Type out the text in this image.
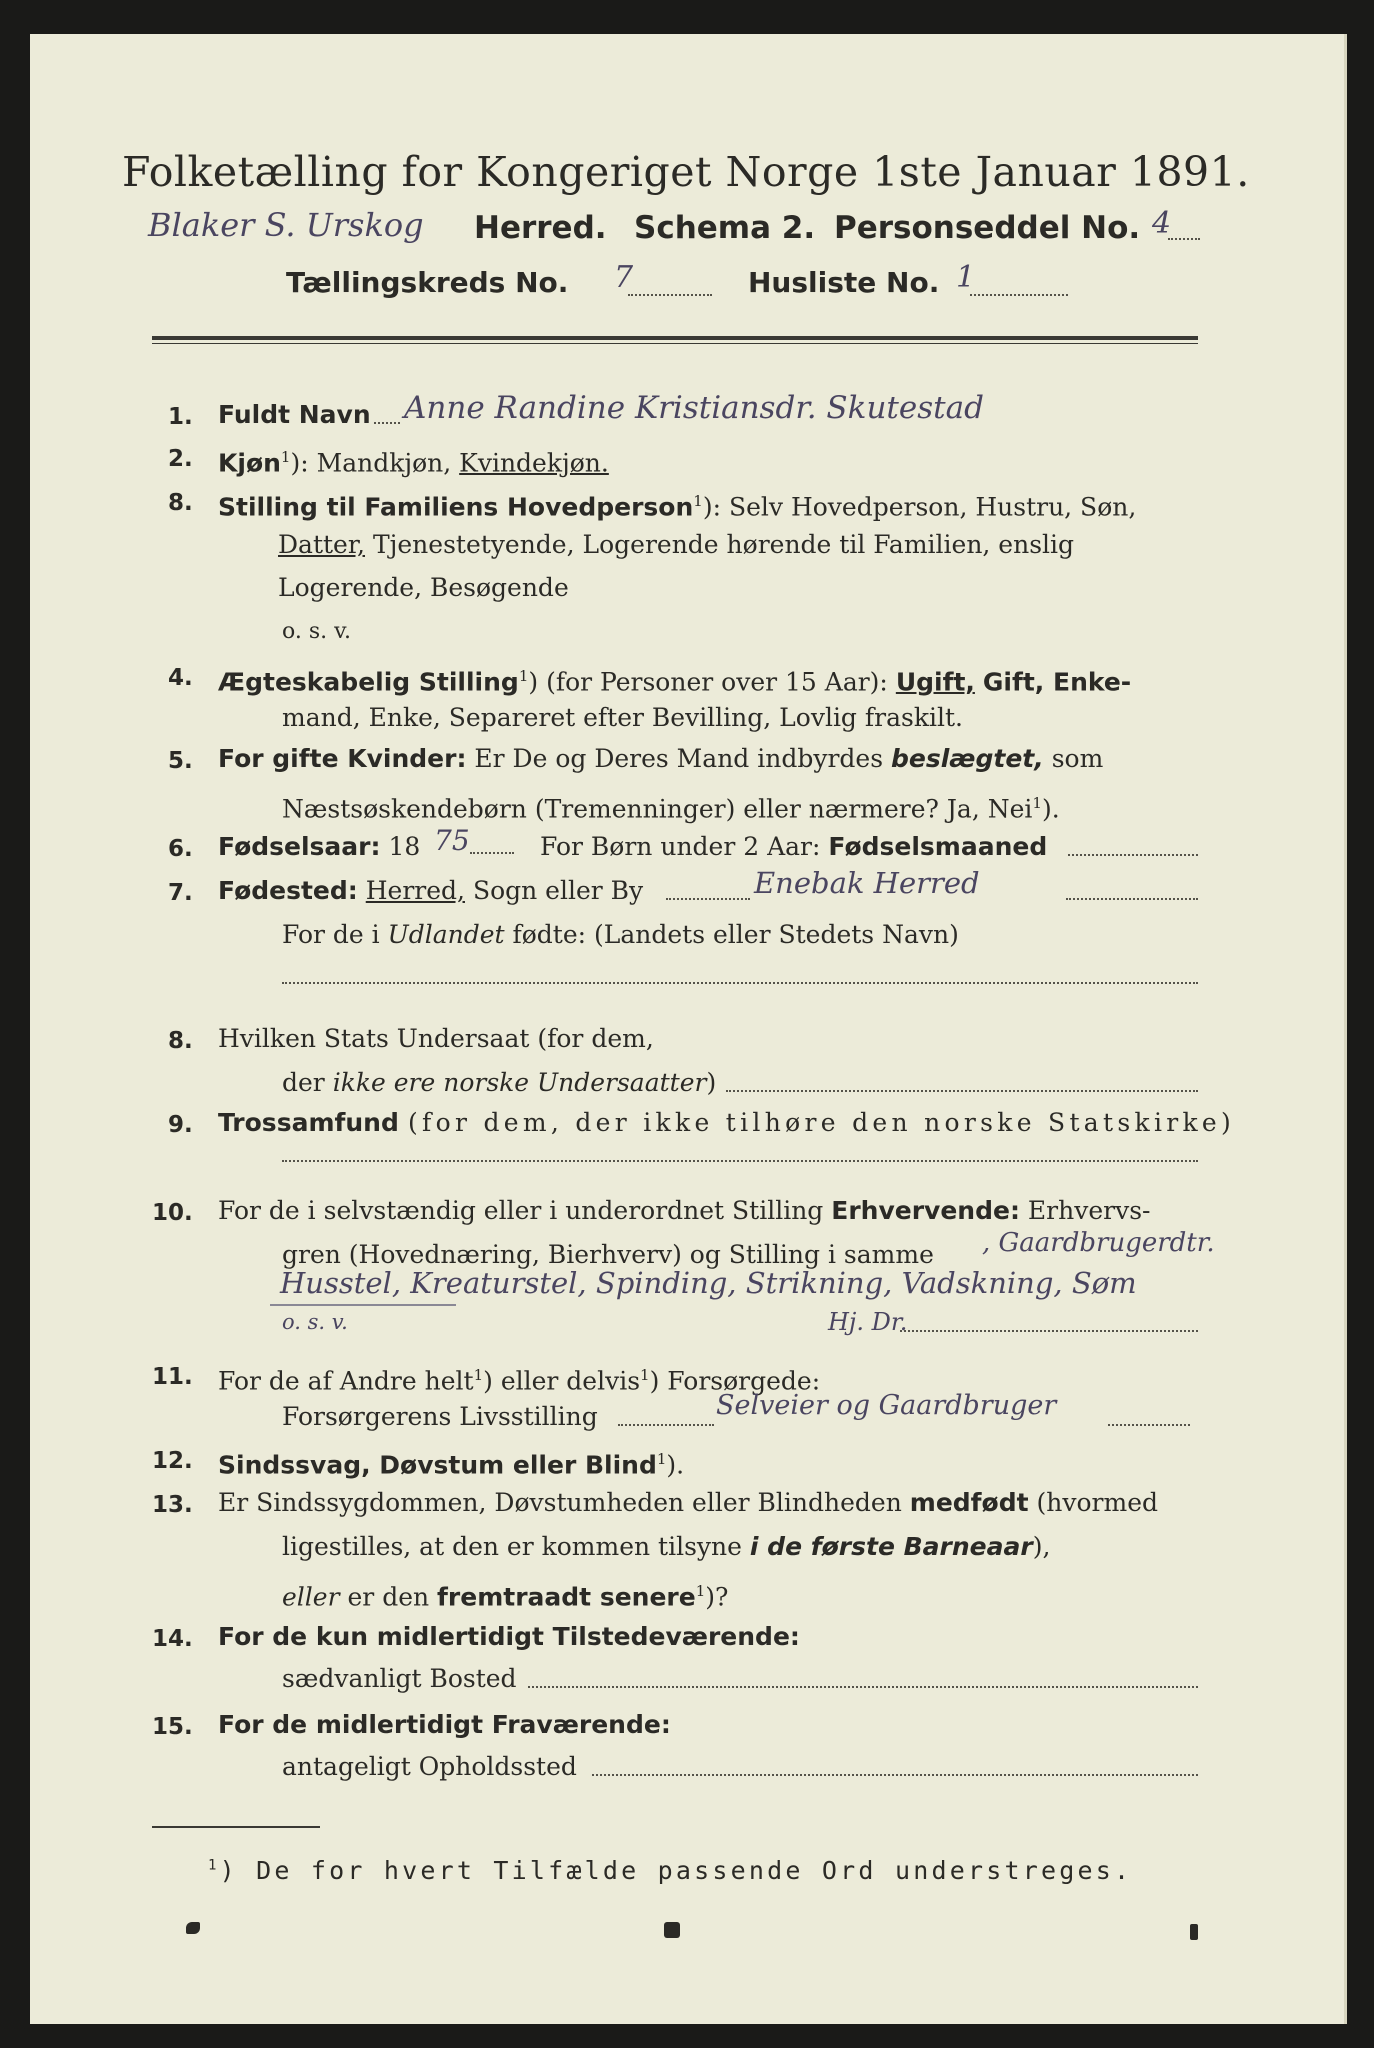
Folketælling for Kongeriget Norge 1ste Januar 1891.
Blaker S. Urskog Herred. Schema 2. Personseddel No. 4
Tællingskreds No. 7	Husliste No. 1
1. Fuldt Navn Anne Randine Kristiansdr. Skutestad
2. Kjøn$^1$): Mandkjøn, Kvindekjøn.
8. Stilling til Familiens Hovedperson$^1$): Selv Hovedperson, Hustru, Søn,
Datter, Tjenestetyende, Logerende hørende til Familien, enslig
Logerende, Besøgende
o. s. v.
4. Ægteskabelig Stilling$^1$) (for Personer over 15 Aar): Ugift, Gift, Enke-
mand, Enke, Separeret efter Bevilling, Lovlig fraskilt.
5. For gifte Kvinder: Er De og Deres Mand indbyrdes beslægtet, som
Næstsøskendebørn (Tremenninger) eller nærmere? Ja, Nei$^1$).
6. Fødselsaar: 18 75	For Børn under 2 Aar: Fødselsmaaned
7. Fødested: Herred, Sogn eller By	Enebak Herred
For de i Udlandet fødte: (Landets eller Stedets Navn)
8. Hvilken Stats Undersaat (for dem,
der ikke ere norske Undersaatter)
9. Trossamfund (for dem, der ikke tilhøre den norske Statskirke)
10. For de i selvstændig eller i underordnet Stilling Erhvervende: Erhvervs-
gren (Hovednæring, Bierhverv) og Stilling i samme , Gaardbrugerdtr.
Husstel, Kreaturstel, Spinding, Strikning, Vadskning, Søm
o. s. v.	Hj. Dr.
11. For de af Andre helt$^1$) eller delvis$^1$) Forsørgede:
Forsørgerens Livsstilling	Selveier og Gaardbruger
12. Sindssvag, Døvstum eller Blind$^1$).
13. Er Sindssygdommen, Døvstumheden eller Blindheden medfødt (hvormed
ligestilles, at den er kommen tilsyne i de første Barneaar),
eller er den fremtraadt senere$^1$)?
14. For de kun midlertidigt Tilstedeværende:
sædvanligt Bosted
15. For de midlertidigt Fraværende:
antageligt Opholdssted
$^1$) De for hvert Tilfælde passende Ord understreges.
